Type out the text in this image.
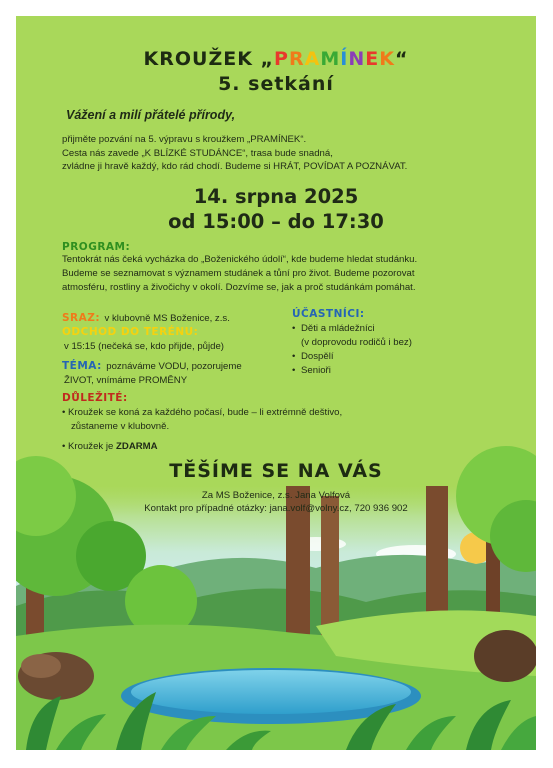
KROUŽEK „PRAMÍNEK“
5. setkání
Vážení a milí přátelé přírody,
přijměte pozvání na 5. výpravu s kroužkem „PRAMÍNEK“.
Cesta nás zavede „K BLÍZKÉ STUDÁNCE“, trasa bude snadná,
zvládne ji hravě každý, kdo rád chodí. Budeme si HRÁT, POVÍDAT A POZNÁVAT.
14. srpna 2025
od 15:00 – do 17:30
PROGRAM:
Tentokrát nás čeká vycházka do „Boženického údolí“, kde budeme hledat studánku.
Budeme se seznamovat s významem studánek a tůní pro život. Budeme pozorovat
atmosféru, rostliny a živočichy v okolí. Dozvíme se, jak a proč studánkám pomáhat.
SRAZ: v klubovně MS Boženice, z.s.
ODCHOD DO TERÉNU:
v 15:15 (nečeká se, kdo přijde, půjde)
TÉMA: poznáváme VODU, pozorujeme
ŽIVOT, vnímáme PROMĚNY
ÚČASTNÍCI:
• Děti a mládežníci
(v doprovodu rodičů i bez)
• Dospělí
• Senioři
DŮLEŽITÉ:
• Kroužek se koná za každého počasí, bude – li extrémně deštivo,
zůstaneme v klubovně.
• Kroužek je ZDARMA
TĚŠÍME SE NA VÁS
Za MS Boženice, z.s. Jana Volfová
Kontakt pro případné otázky: jana.volf@volny.cz, 720 936 902
